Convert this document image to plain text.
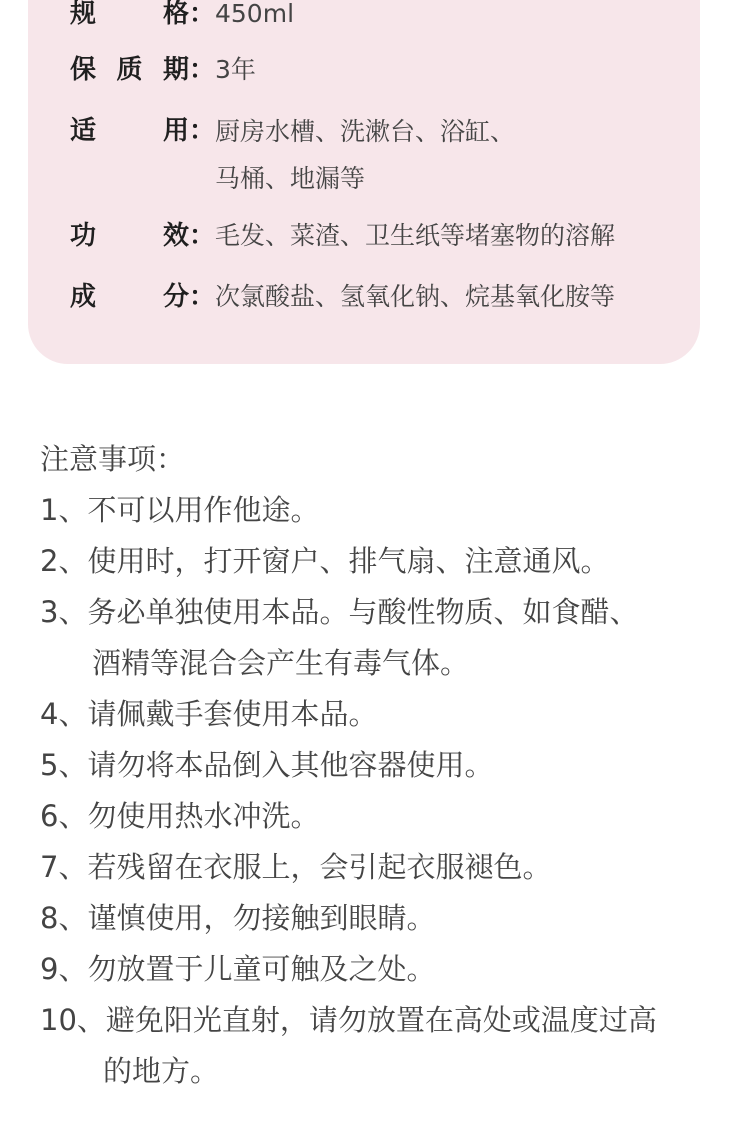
规	格： 450ml
保 质 期： 3年
适	用： 厨房水槽、洗漱台、浴缸、
马桶、地漏等
功	效： 毛发、菜渣、卫生纸等堵塞物的溶解
成	分： 次氯酸盐、氢氧化钠、烷基氧化胺等
注意事项：
1、不可以用作他途。
2、使用时，打开窗户、排气扇、注意通风。
3、务必单独使用本品。与酸性物质、如食醋、
酒精等混合会产生有毒气体。
4、请佩戴手套使用本品。
5、请勿将本品倒入其他容器使用。
6、勿使用热水冲洗。
7、若残留在衣服上，会引起衣服褪色。
8、谨慎使用，勿接触到眼睛。
9、勿放置于儿童可触及之处。
10、避免阳光直射，请勿放置在高处或温度过高
的地方。
